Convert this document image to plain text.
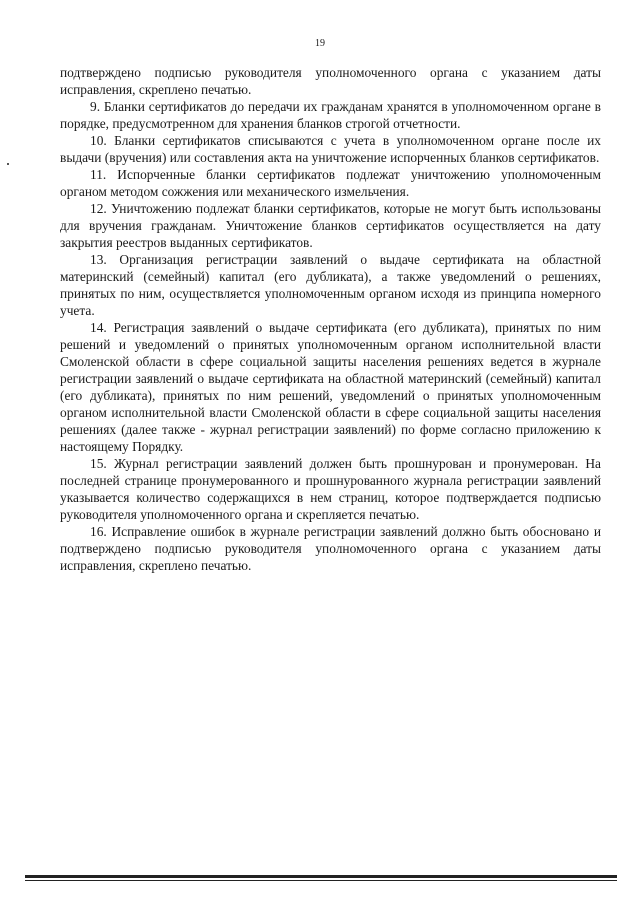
19

подтверждено подписью руководителя уполномоченного органа с указанием даты исправления, скреплено печатью.

9. Бланки сертификатов до передачи их гражданам хранятся в уполномоченном органе в порядке, предусмотренном для хранения бланков строгой отчетности.

10. Бланки сертификатов списываются с учета в уполномоченном органе после их выдачи (вручения) или составления акта на уничтожение испорченных бланков сертификатов.

11. Испорченные бланки сертификатов подлежат уничтожению уполномоченным органом методом сожжения или механического измельчения.

12. Уничтожению подлежат бланки сертификатов, которые не могут быть использованы для вручения гражданам. Уничтожение бланков сертификатов осуществляется на дату закрытия реестров выданных сертификатов.

13. Организация регистрации заявлений о выдаче сертификата на областной материнский (семейный) капитал (его дубликата), а также уведомлений о решениях, принятых по ним, осуществляется уполномоченным органом исходя из принципа номерного учета.

14. Регистрация заявлений о выдаче сертификата (его дубликата), принятых по ним решений и уведомлений о принятых уполномоченным органом исполнительной власти Смоленской области в сфере социальной защиты населения решениях ведется в журнале регистрации заявлений о выдаче сертификата на областной материнский (семейный) капитал (его дубликата), принятых по ним решений, уведомлений о принятых уполномоченным органом исполнительной власти Смоленской области в сфере социальной защиты населения решениях (далее также - журнал регистрации заявлений) по форме согласно приложению к настоящему Порядку.

15. Журнал регистрации заявлений должен быть прошнурован и пронумерован. На последней странице пронумерованного и прошнурованного журнала регистрации заявлений указывается количество содержащихся в нем страниц, которое подтверждается подписью руководителя уполномоченного органа и скрепляется печатью.

16. Исправление ошибок в журнале регистрации заявлений должно быть обосновано и подтверждено подписью руководителя уполномоченного органа с указанием даты исправления, скреплено печатью.
